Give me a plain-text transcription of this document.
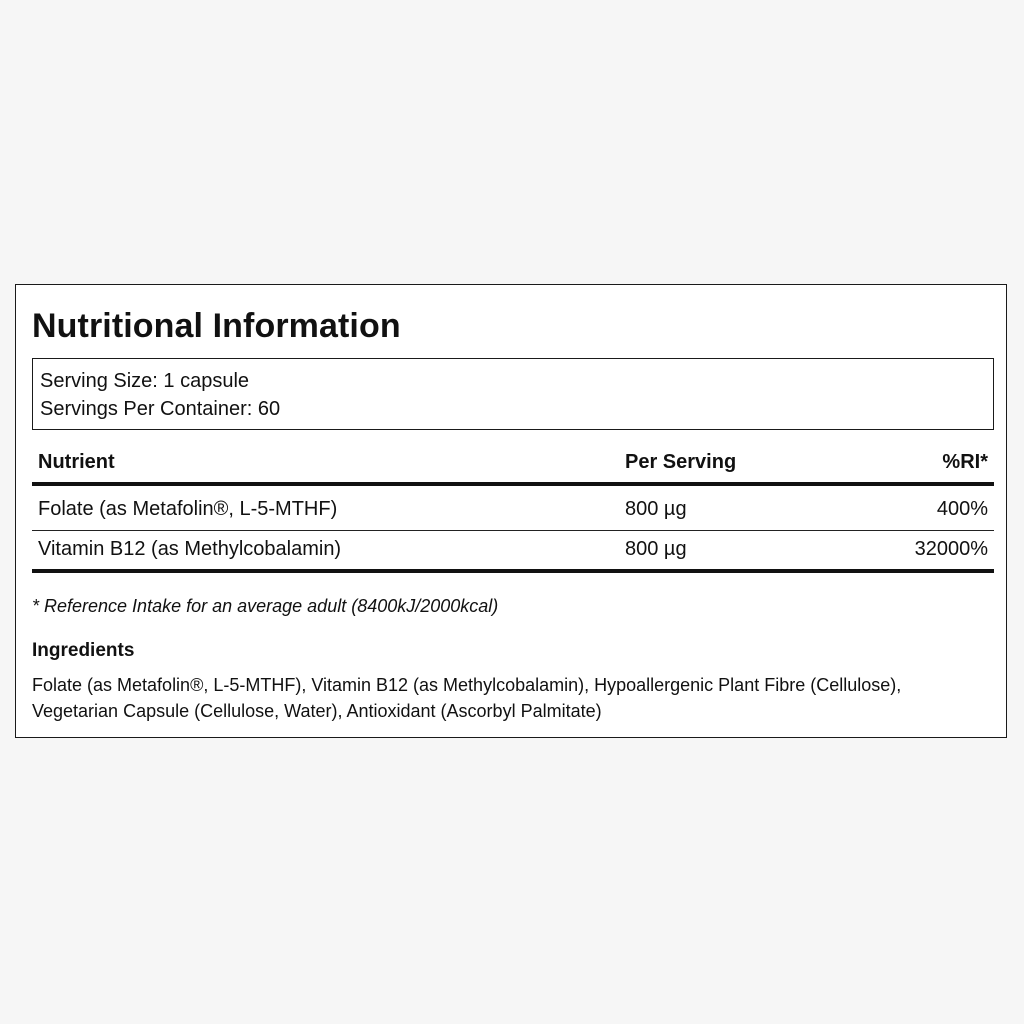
Nutritional Information
Serving Size: 1 capsule
Servings Per Container: 60
Nutrient	Per Serving	%RI*
Folate (as Metafolin®, L-5-MTHF)	800 µg	400%
Vitamin B12 (as Methylcobalamin)	800 µg	32000%
* Reference Intake for an average adult (8400kJ/2000kcal)
Ingredients
Folate (as Metafolin®, L-5-MTHF), Vitamin B12 (as Methylcobalamin), Hypoallergenic Plant Fibre (Cellulose), Vegetarian Capsule (Cellulose, Water), Antioxidant (Ascorbyl Palmitate)
